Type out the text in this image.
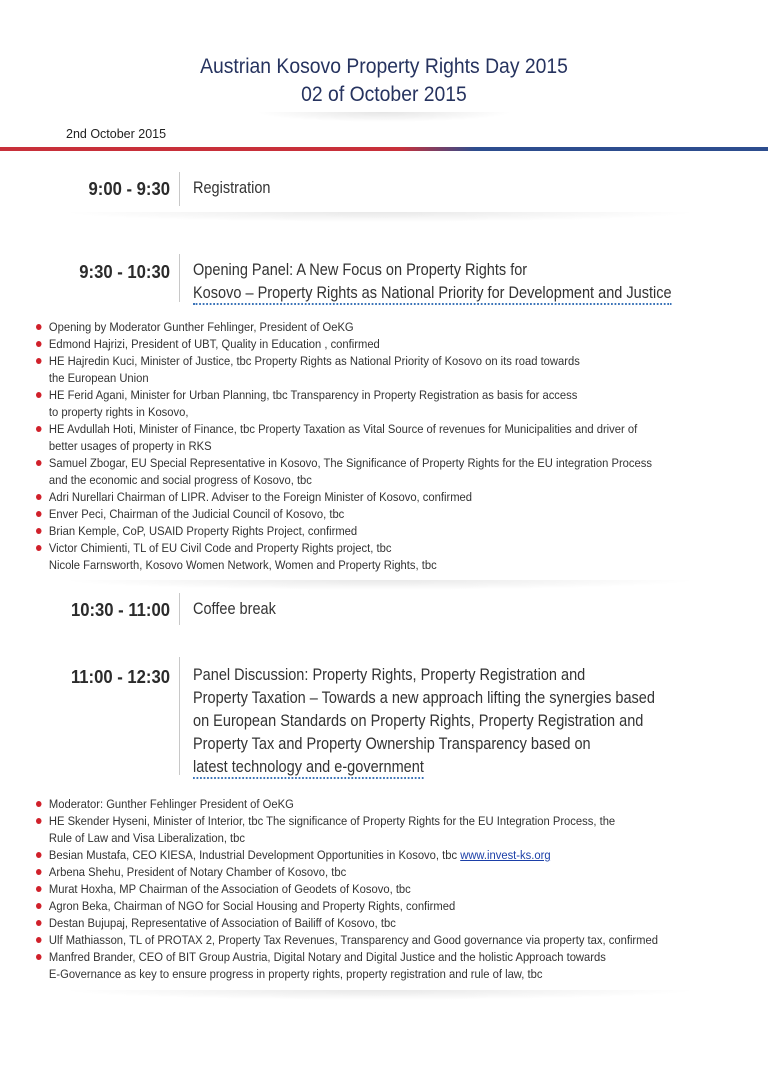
Austrian Kosovo Property Rights Day 2015
02 of October 2015
2nd October 2015
9:00 - 9:30 Registration
9:30 - 10:30 Opening Panel: A New Focus on Property Rights for
Kosovo – Property Rights as National Priority for Development and Justice
Opening by Moderator Gunther Fehlinger, President of OeKG
Edmond Hajrizi, President of UBT, Quality in Education , confirmed
HE Hajredin Kuci, Minister of Justice, tbc Property Rights as National Priority of Kosovo on its road towards
the European Union
HE Ferid Agani, Minister for Urban Planning, tbc Transparency in Property Registration as basis for access
to property rights in Kosovo,
HE Avdullah Hoti, Minister of Finance, tbc Property Taxation as Vital Source of revenues for Municipalities and driver of
better usages of property in RKS
Samuel Zbogar, EU Special Representative in Kosovo, The Significance of Property Rights for the EU integration Process
and the economic and social progress of Kosovo, tbc
Adri Nurellari Chairman of LIPR. Adviser to the Foreign Minister of Kosovo, confirmed
Enver Peci, Chairman of the Judicial Council of Kosovo, tbc
Brian Kemple, CoP, USAID Property Rights Project, confirmed
Victor Chimienti, TL of EU Civil Code and Property Rights project, tbc
Nicole Farnsworth, Kosovo Women Network, Women and Property Rights, tbc
10:30 - 11:00 Coffee break
11:00 - 12:30 Panel Discussion: Property Rights, Property Registration and
Property Taxation – Towards a new approach lifting the synergies based
on European Standards on Property Rights, Property Registration and
Property Tax and Property Ownership Transparency based on
latest technology and e-government
Moderator: Gunther Fehlinger President of OeKG
HE Skender Hyseni, Minister of Interior, tbc The significance of Property Rights for the EU Integration Process, the
Rule of Law and Visa Liberalization, tbc
Besian Mustafa, CEO KIESA, Industrial Development Opportunities in Kosovo, tbc www.invest-ks.org
Arbena Shehu, President of Notary Chamber of Kosovo, tbc
Murat Hoxha, MP Chairman of the Association of Geodets of Kosovo, tbc
Agron Beka, Chairman of NGO for Social Housing and Property Rights, confirmed
Destan Bujupaj, Representative of Association of Bailiff of Kosovo, tbc
Ulf Mathiasson, TL of PROTAX 2, Property Tax Revenues, Transparency and Good governance via property tax, confirmed
Manfred Brander, CEO of BIT Group Austria, Digital Notary and Digital Justice and the holistic Approach towards
E-Governance as key to ensure progress in property rights, property registration and rule of law, tbc
